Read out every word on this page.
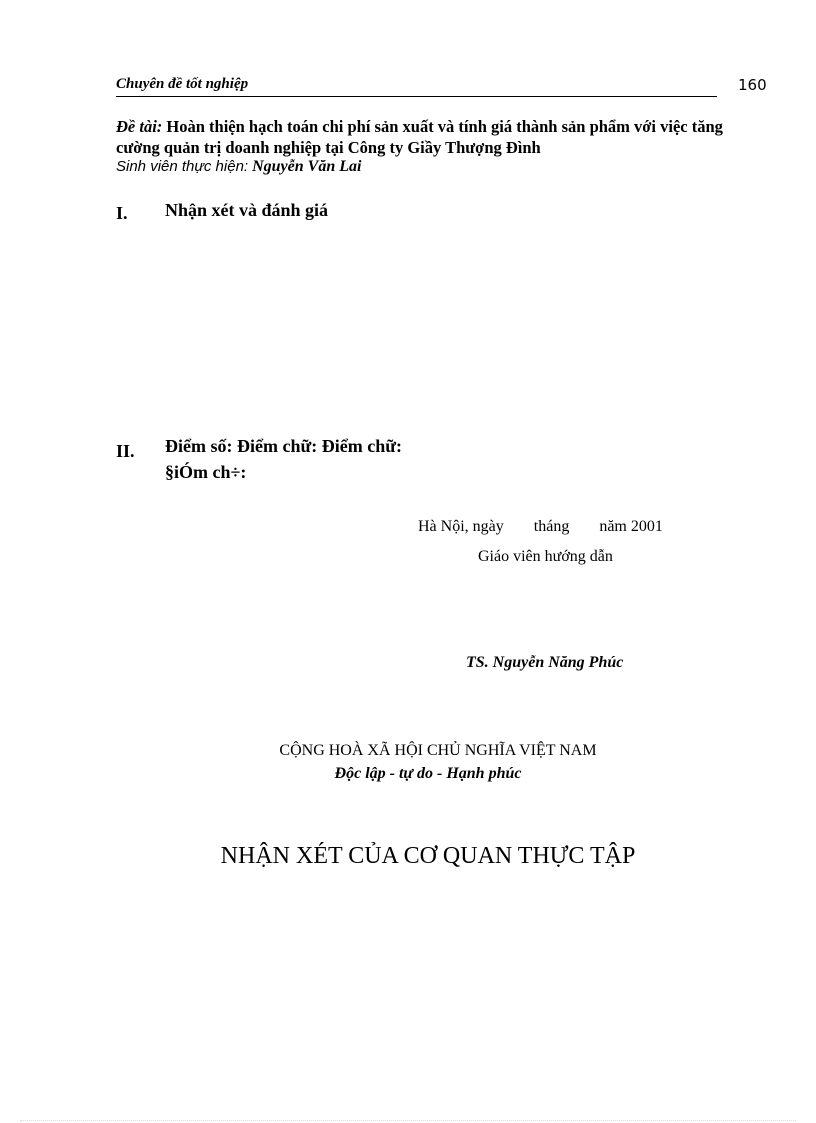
Chuyên đề tốt nghiệp	160
Đề tài: Hoàn thiện hạch toán chi phí sản xuất và tính giá thành sản phẩm với việc tăng cường quản trị doanh nghiệp tại Công ty Giầy Thượng Đình
Sinh viên thực hiện: Nguyễn Văn Lai
I. Nhận xét và đánh giá
II. Điểm số: Điểm chữ: Điểm chữ:
§iÓm ch÷:
Hà Nội, ngày tháng năm 2001
Giáo viên hướng dẫn
TS. Nguyễn Năng Phúc
CỘNG HOÀ XÃ HỘI CHỦ NGHĨA VIỆT NAM
Độc lập - tự do - Hạnh phúc
NHẬN XÉT CỦA CƠ QUAN THỰC TẬP
